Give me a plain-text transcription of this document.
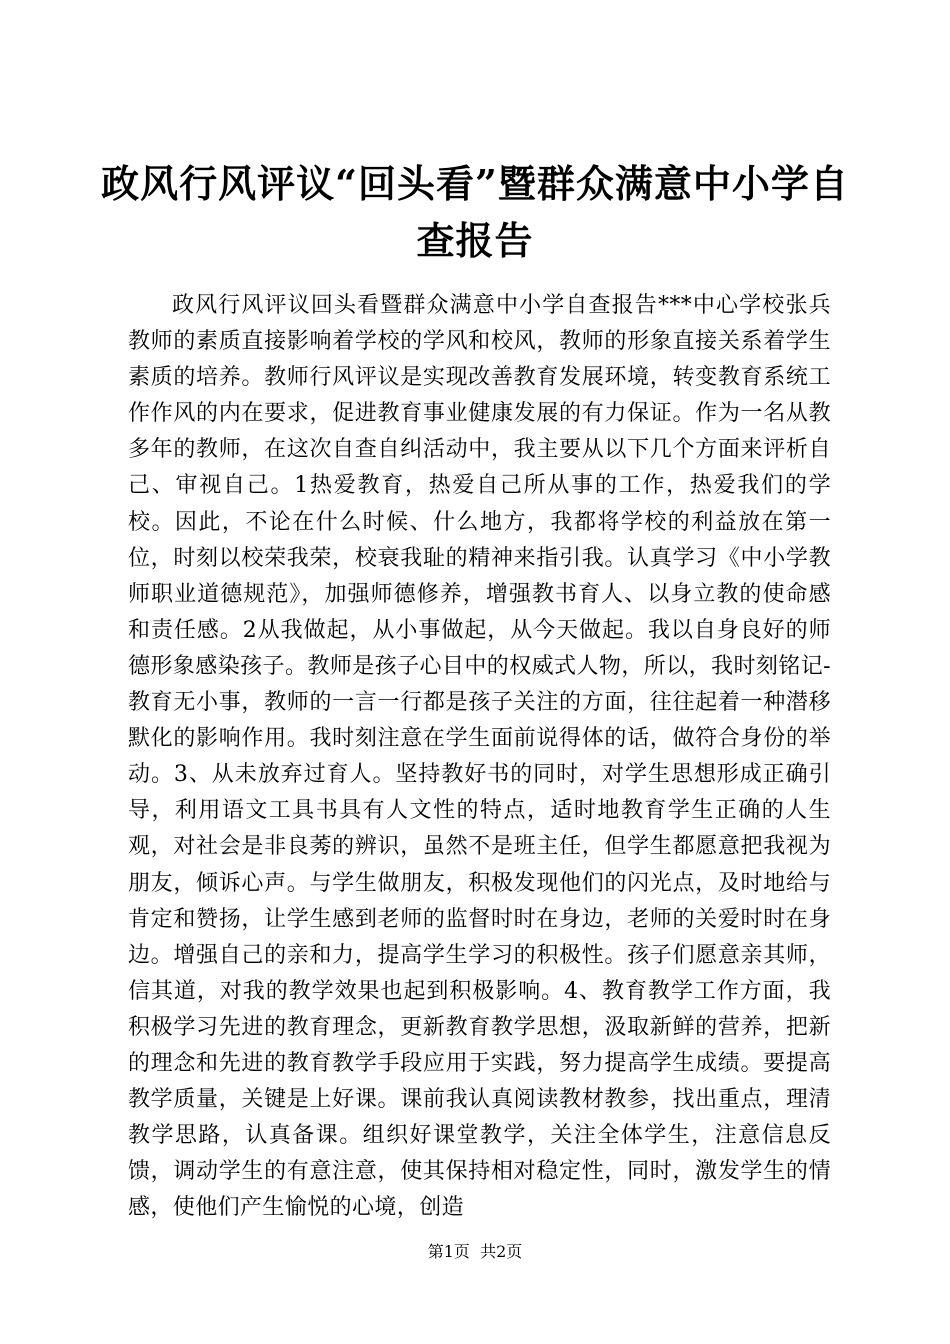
政风行风评议“回头看”暨群众满意中小学自
查报告

政风行风评议回头看暨群众满意中小学自查报告***中心学校张兵教师的素质直接影响着学校的学风和校风，教师的形象直接关系着学生素质的培养。教师行风评议是实现改善教育发展环境，转变教育系统工作作风的内在要求，促进教育事业健康发展的有力保证。作为一名从教多年的教师，在这次自查自纠活动中，我主要从以下几个方面来评析自己、审视自己。1热爱教育，热爱自己所从事的工作，热爱我们的学校。因此，不论在什么时候、什么地方，我都将学校的利益放在第一位，时刻以校荣我荣，校衰我耻的精神来指引我。认真学习《中小学教师职业道德规范》，加强师德修养，增强教书育人、以身立教的使命感和责任感。2从我做起，从小事做起，从今天做起。我以自身良好的师德形象感染孩子。教师是孩子心目中的权威式人物，所以，我时刻铭记-教育无小事，教师的一言一行都是孩子关注的方面，往往起着一种潜移默化的影响作用。我时刻注意在学生面前说得体的话，做符合身份的举动。3、从未放弃过育人。坚持教好书的同时，对学生思想形成正确引导，利用语文工具书具有人文性的特点，适时地教育学生正确的人生观，对社会是非良莠的辨识，虽然不是班主任，但学生都愿意把我视为朋友，倾诉心声。与学生做朋友，积极发现他们的闪光点，及时地给与肯定和赞扬，让学生感到老师的监督时时在身边，老师的关爱时时在身边。增强自己的亲和力，提高学生学习的积极性。孩子们愿意亲其师，信其道，对我的教学效果也起到积极影响。4、教育教学工作方面，我积极学习先进的教育理念，更新教育教学思想，汲取新鲜的营养，把新的理念和先进的教育教学手段应用于实践，努力提高学生成绩。要提高教学质量，关键是上好课。课前我认真阅读教材教参，找出重点，理清教学思路，认真备课。组织好课堂教学，关注全体学生，注意信息反馈，调动学生的有意注意，使其保持相对稳定性，同时，激发学生的情感，使他们产生愉悦的心境，创造

第1页  共2页
